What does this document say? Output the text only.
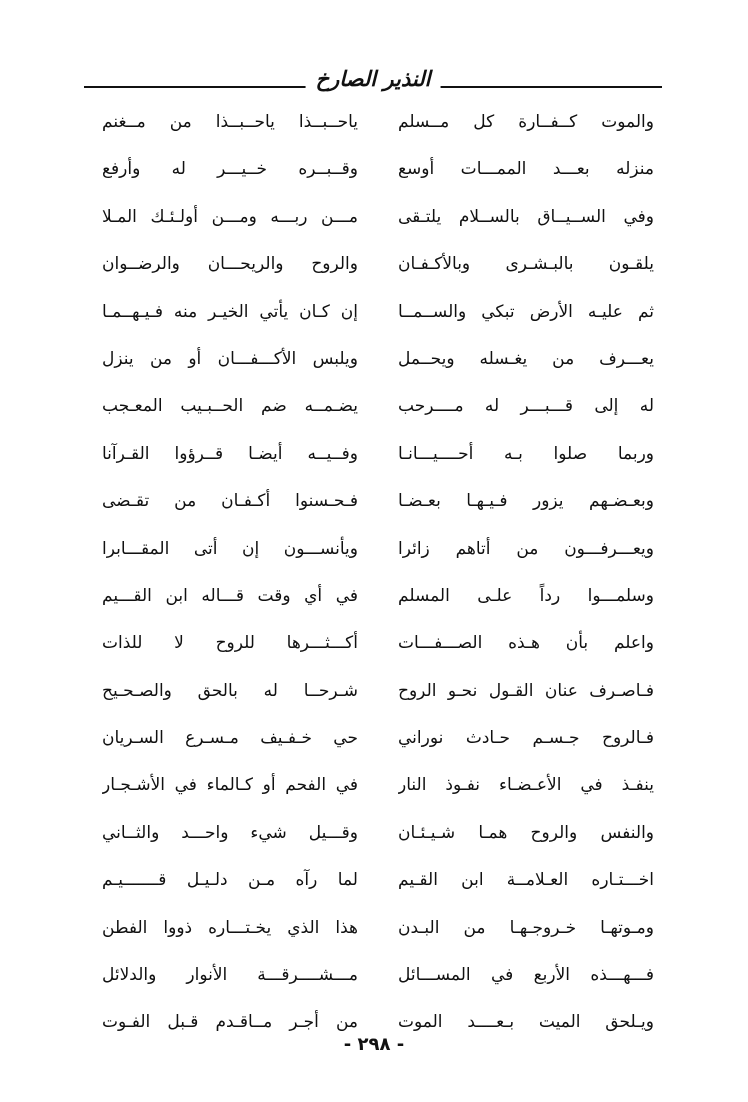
النذير الصارخ
والموت كــفــارة كل مــسلم
ياحــبــذا ياحــبــذا من مــغنم
منزله بعـــد الممـــات أوسع
وقــبــره خــيـــر له وأرفع
وفي الســيــاق بالســلام يلتـقى
مـــن ربـــه ومـــن أولـئـك المـلا
يلقـون بالبـشـرى وبالأكـفـان
والروح والريحـــان والرضــوان
ثم عليـه الأرض تبكي والســمــا
إن كـان يأتي الخيـر منه فـيـهــمـا
يعـــرف من يغـسله ويحــمل
ويلبس الأكـــفـــان أو من ينزل
له إلى قـــبـــر له مــــرحب
يضـمــه ضم الحــبـيب المعـجب
وربما صلوا بـه أحــــيـــانـا
وفــيــه أيضـا قــرؤوا القـرآنا
وبعـضـهم يزور فـيـهـا بعـضـا
فـحـسنوا أكـفـان من تقـضى
ويعـــرفـــون من أتاهم زائرا
ويأنســـون إن أتى المقـــابرا
وسلمـــوا رداً علـى المسلم
في أي وقت قـــاله ابن القـــيم
واعلم بأن هـذه الصـــفـــات
أكـــثـــرها للروح لا للذات
فـاصـرف عنان القـول نحـو الروح
شـرحــا له بالحق والصـحـيح
فـالروح جـسـم حـادث نوراني
حي خـفـيف مـسـرع السـريان
ينفـذ في الأعـضـاء نفـوذ النار
في الفحم أو كـالماء في الأشـجـار
والنفس والروح همـا شـيـئـان
وقـــيل شيء واحـــد والثــاني
اخـــتـاره العـلامــة ابن القـيم
لما رآه مـن دلـيـل قـــــــيـم
ومـوتهـا خـروجـهـا من البـدن
هذا الذي يخـتـــاره ذووا الفطن
فـــهـــذه الأربع في المســـائل
مـــشــــرقـــة الأنوار والدلائل
ويـلحق الميت بـعــــد الموت
من أجـر مــاقـدم قـبل الفـوت
- ٢٩٨ -
